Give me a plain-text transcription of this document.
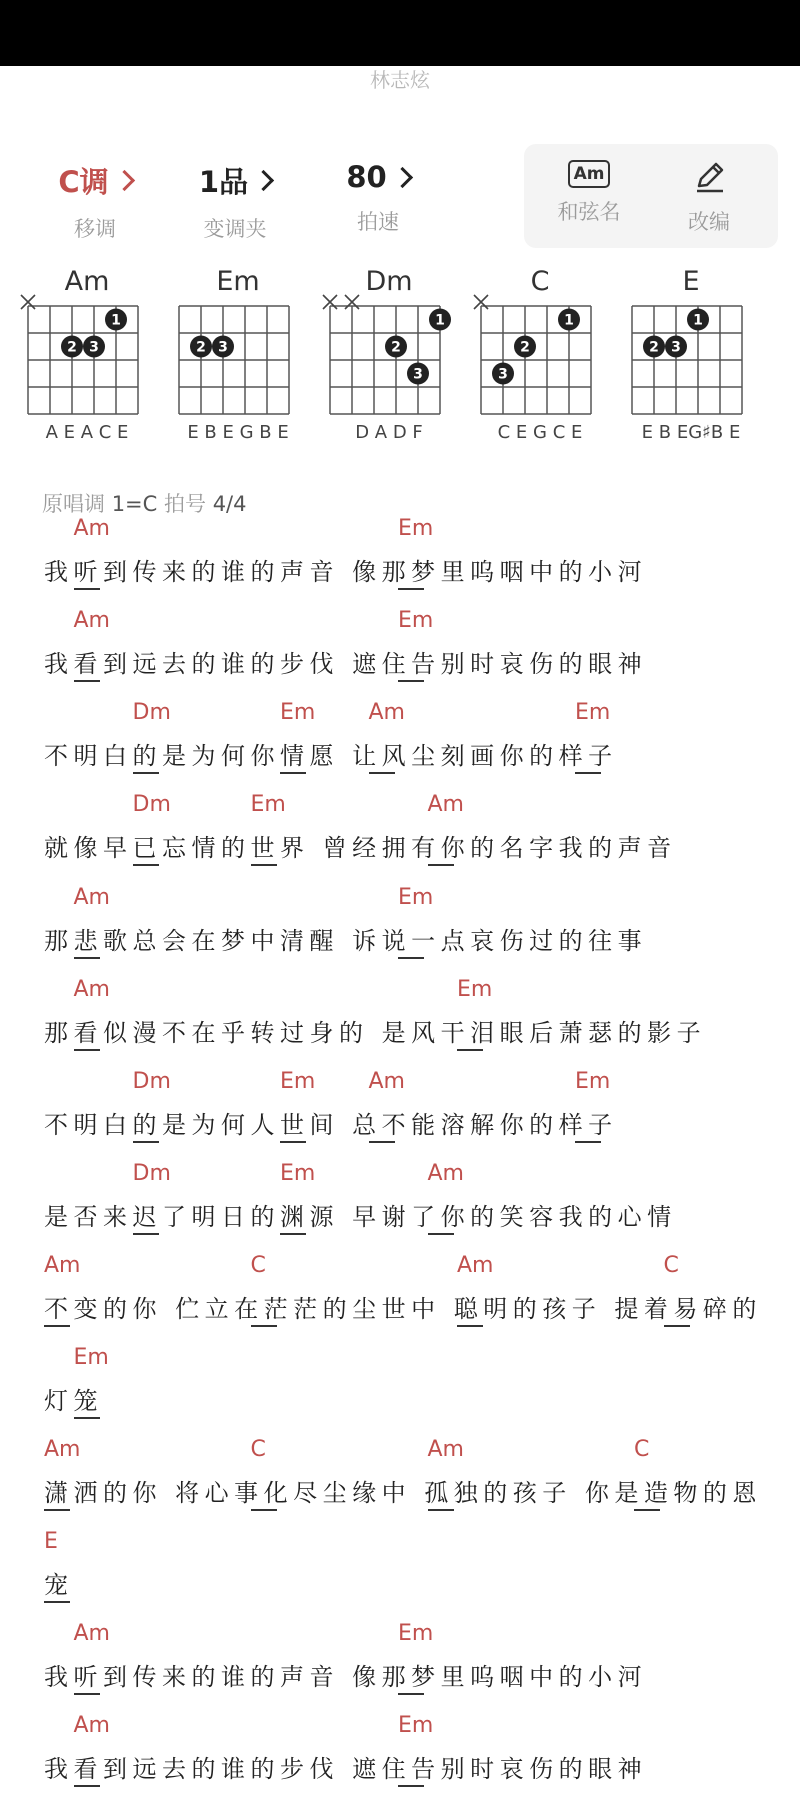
林志炫
C调
移调
1品
变调夹
80
拍速
Am
和弦名	改编
Am
1
2 3
A E A C E
Em
2 3
E B E G B E
Dm
1
2
3
D A D F
C
1
2
3
C E G C E
E
1
2 3
E B EG♯B E
原唱调 1=C 拍号 4/4
Am	Em
我听到传来的谁的声音 像那梦里呜咽中的小河
Am	Em
我看到远去的谁的步伐 遮住告别时哀伤的眼神
Dm	Em Am	Em
不明白的是为何你情愿 让风尘刻画你的样子
Dm	Em	Am
就像早已忘情的世界 曾经拥有你的名字我的声音
Am	Em
那悲歌总会在梦中清醒 诉说一点哀伤过的往事
Am	Em
那看似漫不在乎转过身的 是风干泪眼后萧瑟的影子
Dm	Em Am	Em
不明白的是为何人世间 总不能溶解你的样子
Dm	Em	Am
是否来迟了明日的渊源 早谢了你的笑容我的心情
Am	C	Am	C
不变的你 伫立在茫茫的尘世中 聪明的孩子 提着易碎的
Em
灯笼
Am	C	Am	C
潇洒的你 将心事化尽尘缘中 孤独的孩子 你是造物的恩
E
宠
Am	Em
我听到传来的谁的声音 像那梦里呜咽中的小河
Am	Em
我看到远去的谁的步伐 遮住告别时哀伤的眼神
